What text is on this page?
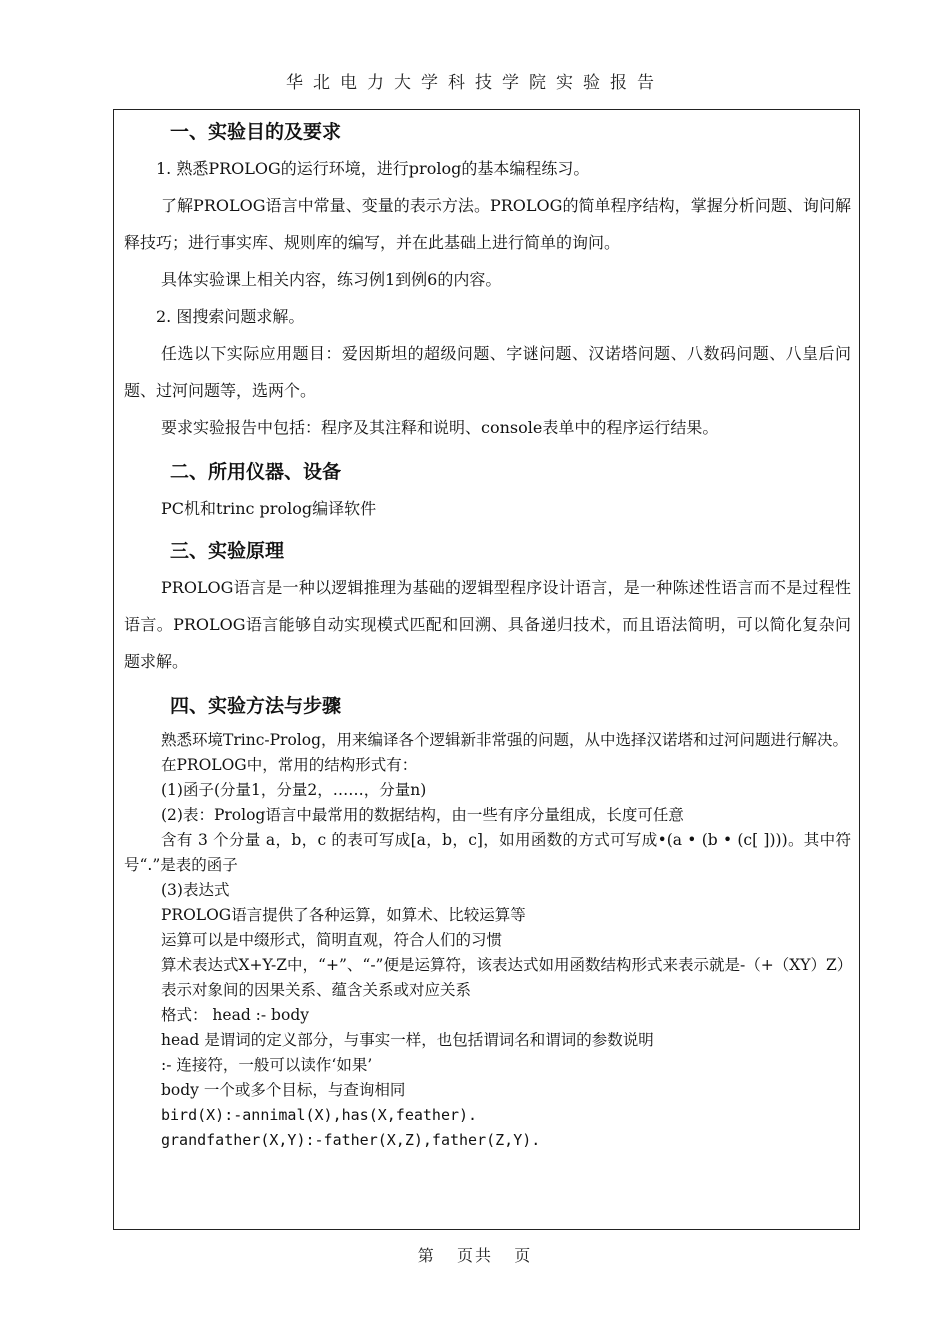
华北电力大学科技学院实验报告
一、实验目的及要求

1. 熟悉PROLOG的运行环境，进行prolog的基本编程练习。

了解PROLOG语言中常量、变量的表示方法。PROLOG的简单程序结构，掌握分析问题、询问解释技巧；进行事实库、规则库的编写，并在此基础上进行简单的询问。

具体实验课上相关内容，练习例1到例6的内容。

2. 图搜索问题求解。

任选以下实际应用题目：爱因斯坦的超级问题、字谜问题、汉诺塔问题、八数码问题、八皇后问题、过河问题等，选两个。

要求实验报告中包括：程序及其注释和说明、console表单中的程序运行结果。

二、所用仪器、设备

PC机和trinc prolog编译软件

三、实验原理

PROLOG语言是一种以逻辑推理为基础的逻辑型程序设计语言，是一种陈述性语言而不是过程性语言。PROLOG语言能够自动实现模式匹配和回溯、具备递归技术，而且语法简明，可以简化复杂问题求解。

四、实验方法与步骤

熟悉环境Trinc-Prolog，用来编译各个逻辑新非常强的问题，从中选择汉诺塔和过河问题进行解决。

在PROLOG中，常用的结构形式有：

(1)函子(分量1，分量2，……，分量n)

(2)表：Prolog语言中最常用的数据结构，由一些有序分量组成，长度可任意

含有 3 个分量 a，b，c 的表可写成[a，b，c]，如用函数的方式可写成•(a • (b • (c[ ])))。其中符号“.”是表的函子

(3)表达式

PROLOG语言提供了各种运算，如算术、比较运算等

运算可以是中缀形式，简明直观，符合人们的习惯

算术表达式X+Y-Z中，“+”、“-”便是运算符，该表达式如用函数结构形式来表示就是-（+（XY）Z）

表示对象间的因果关系、蕴含关系或对应关系

格式： head :- body

head 是谓词的定义部分，与事实一样，也包括谓词名和谓词的参数说明

:- 连接符，一般可以读作‘如果’

body 一个或多个目标，与查询相同

bird(X):-annimal(X),has(X,feather).

grandfather(X,Y):-father(X,Z),father(Z,Y).

第   页共   页
